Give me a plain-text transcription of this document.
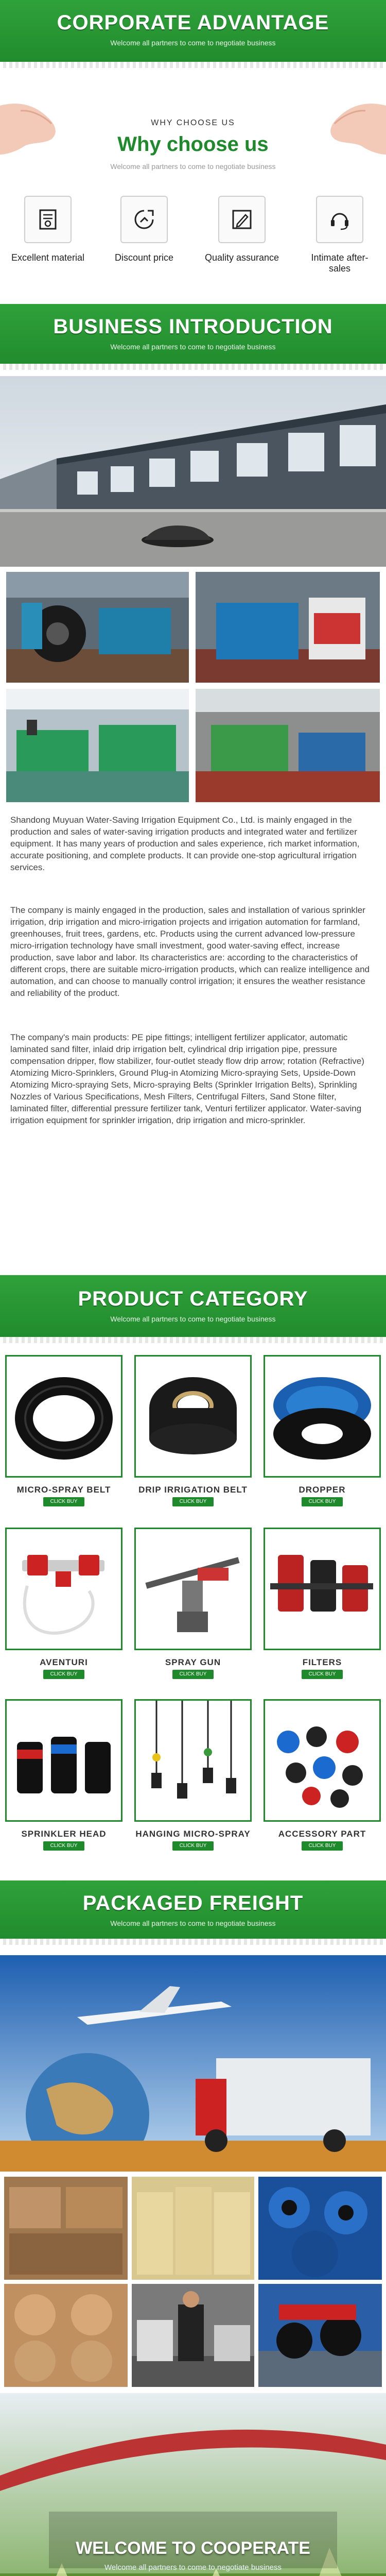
CORPORATE ADVANTAGE
Welcome all partners to come to negotiate business
WHY CHOOSE US
Why choose us
Welcome all partners to come to negotiate business
Excellent material	Discount price	Quality assurance	Intimate after-sales
BUSINESS INTRODUCTION
Welcome all partners to come to negotiate business
Shandong Muyuan Water-Saving Irrigation Equipment Co., Ltd. is mainly engaged in the production and sales of water-saving irrigation products and integrated water and fertilizer equipment. It has many years of production and sales experience, rich market information, accurate positioning, and complete products. It can provide one-stop agricultural irrigation services.
The company is mainly engaged in the production, sales and installation of various sprinkler irrigation, drip irrigation and micro-irrigation projects and irrigation automation for farmland, greenhouses, fruit trees, gardens, etc. Products using the current advanced low-pressure micro-irrigation technology have small investment, good water-saving effect, increase production, save labor and labor. Its characteristics are: according to the characteristics of different crops, there are suitable micro-irrigation products, which can realize intelligence and automation, and can choose to manually control irrigation; it ensures the weather resistance and reliability of the product.
The company's main products: PE pipe fittings; intelligent fertilizer applicator, automatic laminated sand filter, inlaid drip irrigation belt, cylindrical drip irrigation pipe, pressure compensation dripper, flow stabilizer, four-outlet steady flow drip arrow; rotation (Refractive) Atomizing Micro-Sprinklers, Ground Plug-in Atomizing Micro-spraying Sets, Upside-Down Atomizing Micro-spraying Sets, Micro-spraying Belts (Sprinkler Irrigation Belts), Sprinkling Nozzles of Various Specifications, Mesh Filters, Centrifugal Filters, Sand Stone filter, laminated filter, differential pressure fertilizer tank, Venturi fertilizer applicator. Water-saving irrigation equipment for sprinkler irrigation, drip irrigation and micro-sprinkler.
PRODUCT CATEGORY
Welcome all partners to come to negotiate business
MICRO-SPRAY BELT
CLICK BUY
DRIP IRRIGATION BELT
CLICK BUY
DROPPER
CLICK BUY
AVENTURI
CLICK BUY
SPRAY GUN
CLICK BUY
FILTERS
CLICK BUY
SPRINKLER HEAD
CLICK BUY
HANGING MICRO-SPRAY
CLICK BUY
ACCESSORY PART
CLICK BUY
PACKAGED FREIGHT
Welcome all partners to come to negotiate business
WELCOME TO COOPERATE
Welcome all partners to come to negotiate business
